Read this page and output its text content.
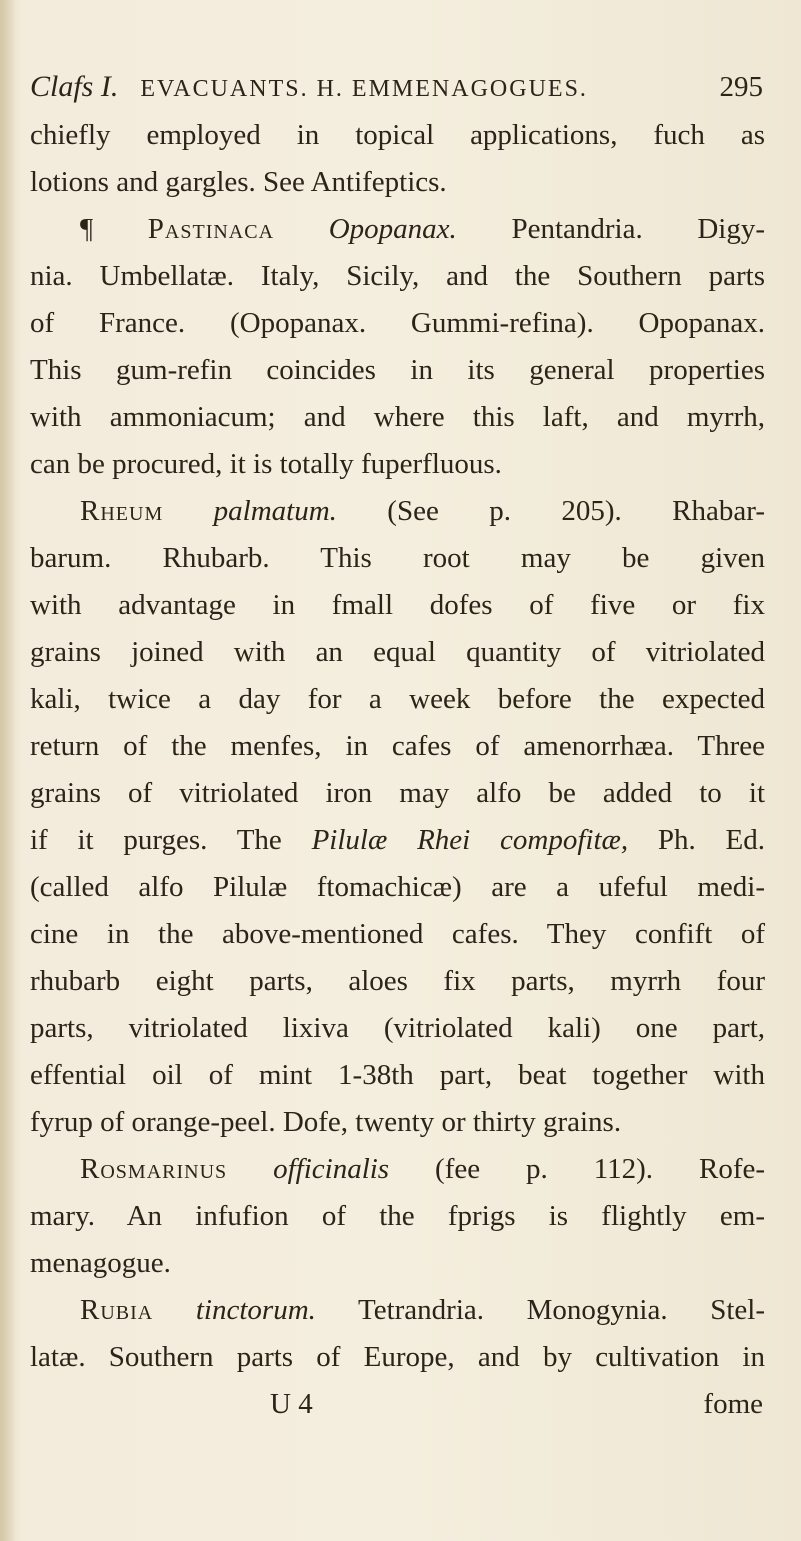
Clafs I. EVACUANTS. H. EMMENAGOGUES.	295
chiefly employed in topical applications, fuch as
lotions and gargles. See Antifeptics.
¶ Pastinaca Opopanax. Pentandria. Digy-
nia. Umbellatæ. Italy, Sicily, and the Southern parts
of France. (Opopanax. Gummi-refina). Opopanax.
This gum-refin coincides in its general properties
with ammoniacum; and where this laft, and myrrh,
can be procured, it is totally fuperfluous.
Rheum palmatum. (See p. 205). Rhabar-
barum. Rhubarb. This root may be given
with advantage in fmall dofes of five or fix
grains joined with an equal quantity of vitriolated
kali, twice a day for a week before the expected
return of the menfes, in cafes of amenorrhæa. Three
grains of vitriolated iron may alfo be added to it
if it purges. The Pilulæ Rhei compofitæ, Ph. Ed.
(called alfo Pilulæ ftomachicæ) are a ufeful medi-
cine in the above-mentioned cafes. They confift of
rhubarb eight parts, aloes fix parts, myrrh four
parts, vitriolated lixiva (vitriolated kali) one part,
effential oil of mint 1-38th part, beat together with
fyrup of orange-peel. Dofe, twenty or thirty grains.
Rosmarinus officinalis (fee p. 112). Rofe-
mary. An infufion of the fprigs is flightly em-
menagogue.
Rubia tinctorum. Tetrandria. Monogynia. Stel-
latæ. Southern parts of Europe, and by cultivation in
U 4	fome
